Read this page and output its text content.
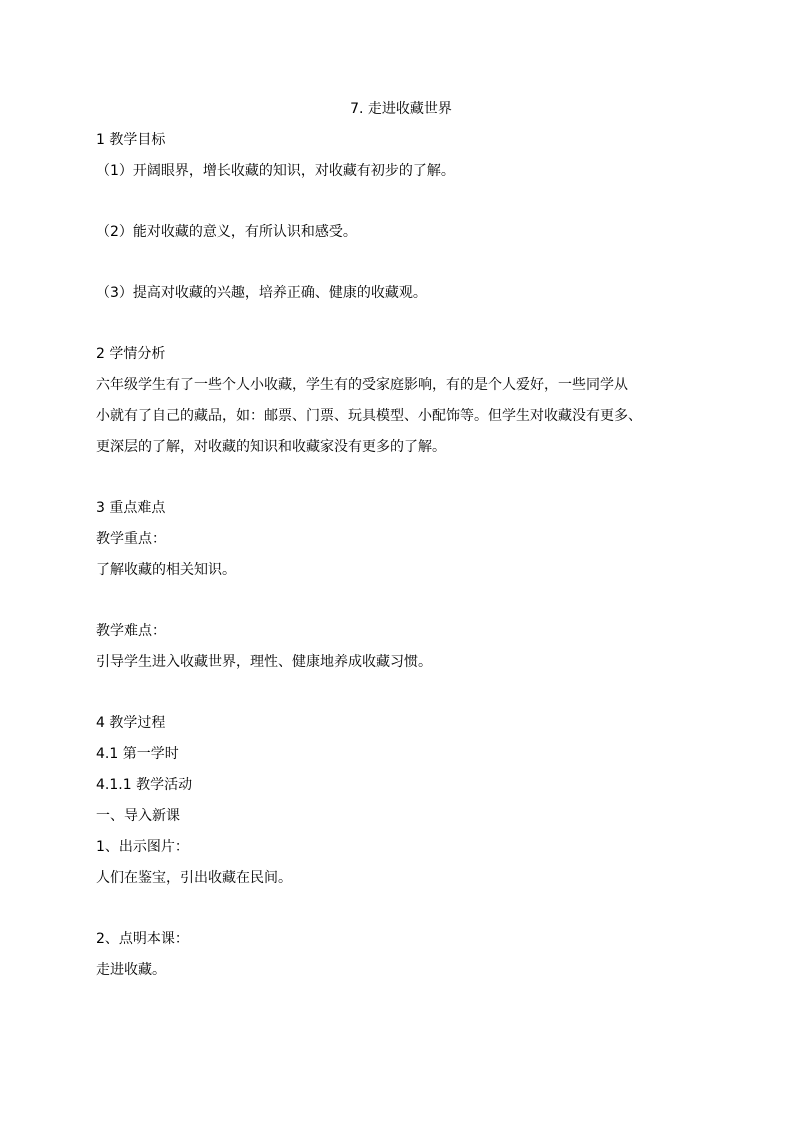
7. 走进收藏世界
1 教学目标
（1）开阔眼界，增长收藏的知识，对收藏有初步的了解。
（2）能对收藏的意义，有所认识和感受。
（3）提高对收藏的兴趣，培养正确、健康的收藏观。
2 学情分析
六年级学生有了一些个人小收藏，学生有的受家庭影响，有的是个人爱好，一些同学从
小就有了自己的藏品，如：邮票、门票、玩具模型、小配饰等。但学生对收藏没有更多、
更深层的了解，对收藏的知识和收藏家没有更多的了解。
3 重点难点
教学重点：
了解收藏的相关知识。
教学难点：
引导学生进入收藏世界，理性、健康地养成收藏习惯。
4 教学过程
4.1 第一学时
4.1.1 教学活动
一、导入新课
1、出示图片：
人们在鉴宝，引出收藏在民间。
2、点明本课：
走进收藏。
